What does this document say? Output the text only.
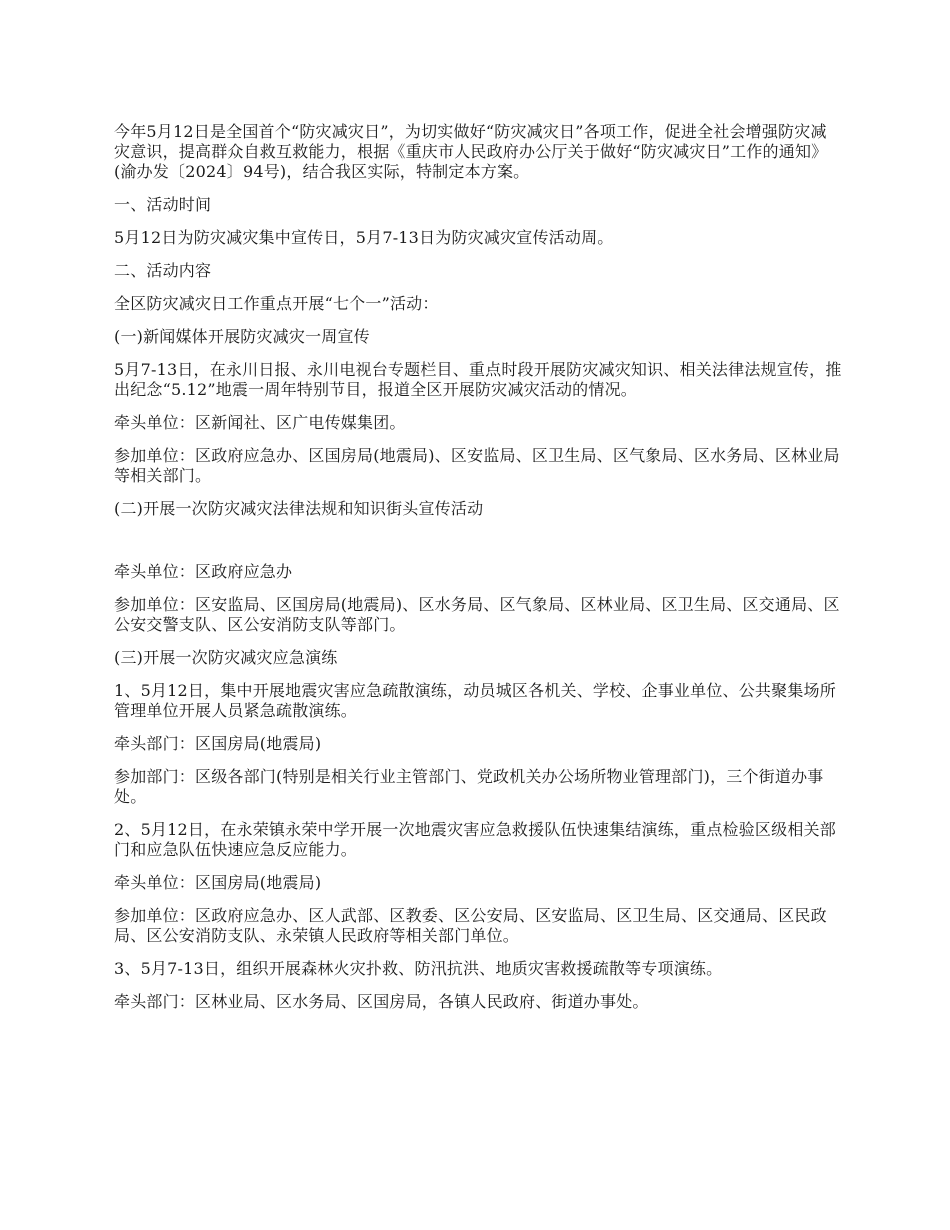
今年5月12日是全国首个“防灾减灾日”，为切实做好“防灾减灾日”各项工作，促进全社会增强防灾减灾意识，提高群众自救互救能力，根据《重庆市人民政府办公厅关于做好“防灾减灾日”工作的通知》(渝办发〔2024〕94号)，结合我区实际，特制定本方案。

一、活动时间

5月12日为防灾减灾集中宣传日，5月7-13日为防灾减灾宣传活动周。

二、活动内容

全区防灾减灾日工作重点开展“七个一”活动：

(一)新闻媒体开展防灾减灾一周宣传

5月7-13日，在永川日报、永川电视台专题栏目、重点时段开展防灾减灾知识、相关法律法规宣传，推出纪念“5.12”地震一周年特别节目，报道全区开展防灾减灾活动的情况。

牵头单位：区新闻社、区广电传媒集团。

参加单位：区政府应急办、区国房局(地震局)、区安监局、区卫生局、区气象局、区水务局、区林业局等相关部门。

(二)开展一次防灾减灾法律法规和知识街头宣传活动

牵头单位：区政府应急办

参加单位：区安监局、区国房局(地震局)、区水务局、区气象局、区林业局、区卫生局、区交通局、区公安交警支队、区公安消防支队等部门。

(三)开展一次防灾减灾应急演练

1、5月12日，集中开展地震灾害应急疏散演练，动员城区各机关、学校、企事业单位、公共聚集场所管理单位开展人员紧急疏散演练。

牵头部门：区国房局(地震局)

参加部门：区级各部门(特别是相关行业主管部门、党政机关办公场所物业管理部门)，三个街道办事处。

2、5月12日，在永荣镇永荣中学开展一次地震灾害应急救援队伍快速集结演练，重点检验区级相关部门和应急队伍快速应急反应能力。

牵头单位：区国房局(地震局)

参加单位：区政府应急办、区人武部、区教委、区公安局、区安监局、区卫生局、区交通局、区民政局、区公安消防支队、永荣镇人民政府等相关部门单位。

3、5月7-13日，组织开展森林火灾扑救、防汛抗洪、地质灾害救援疏散等专项演练。

牵头部门：区林业局、区水务局、区国房局，各镇人民政府、街道办事处。
